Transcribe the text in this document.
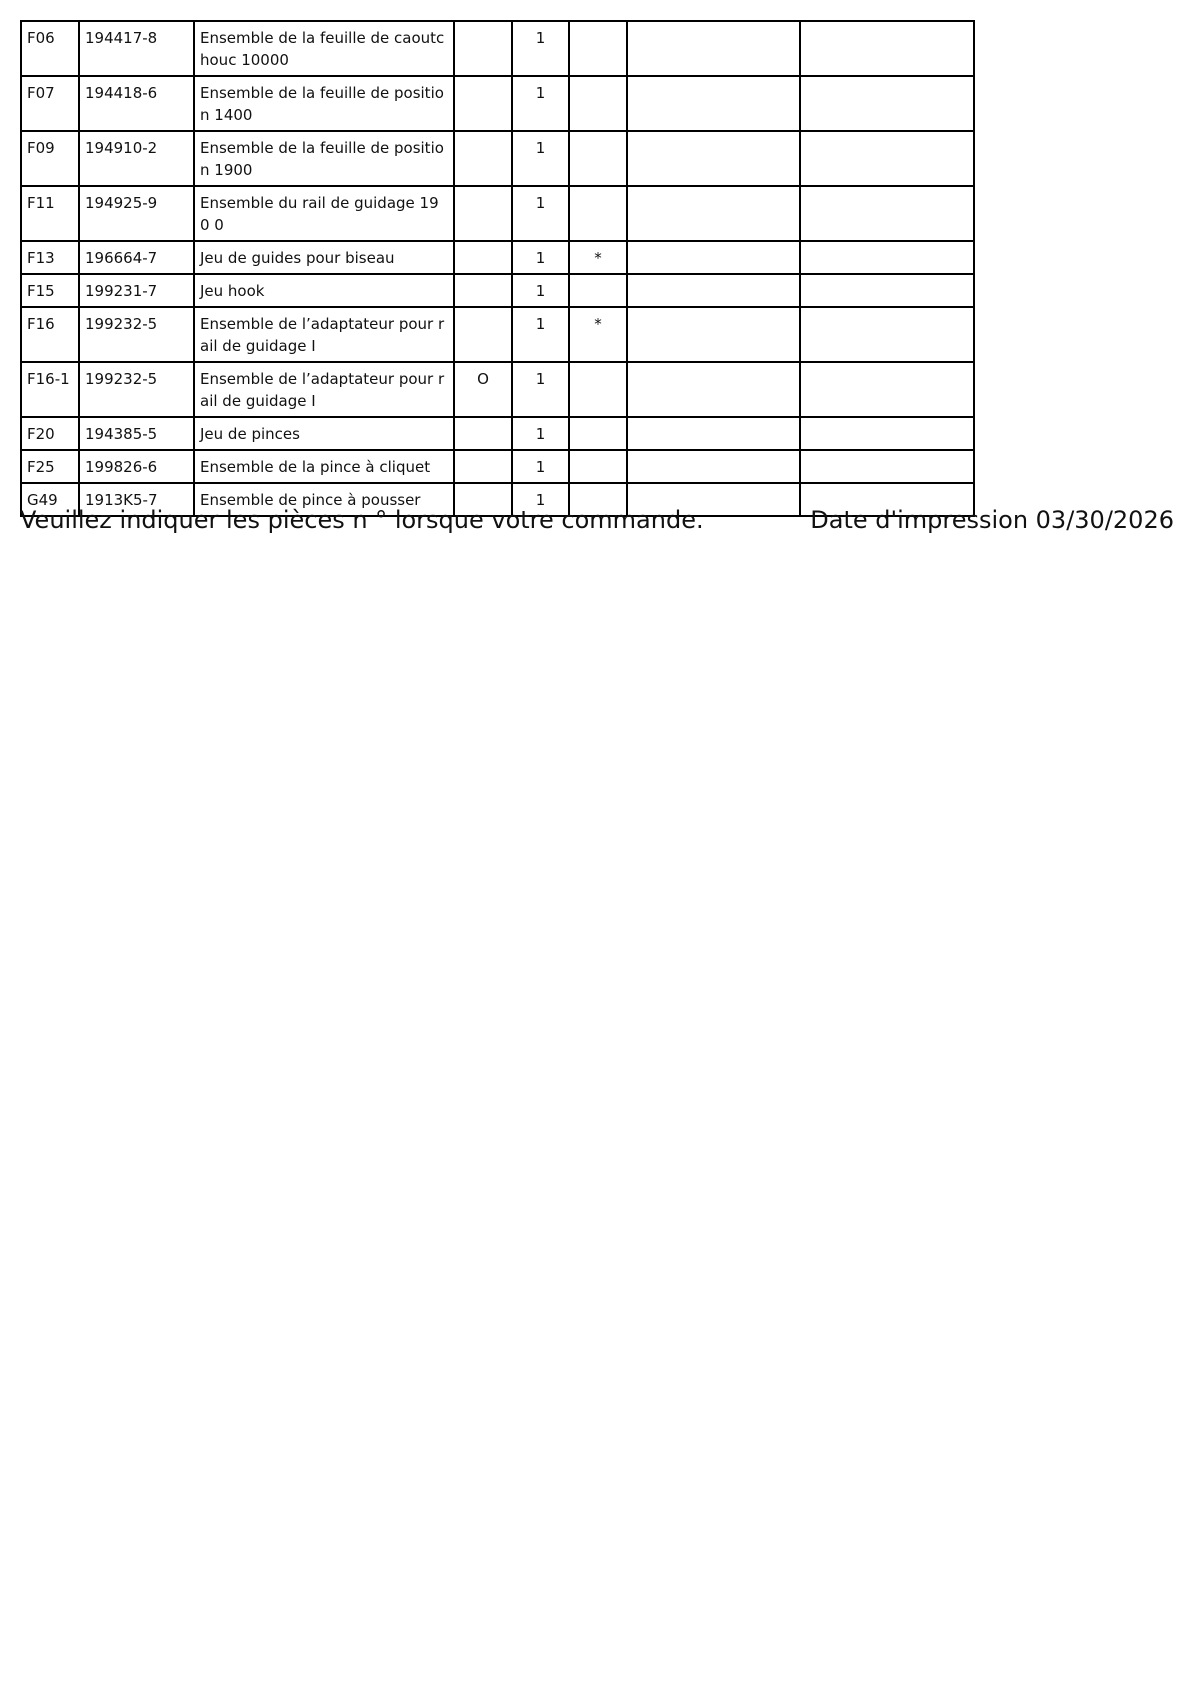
F06	194417-8	Ensemble de la feuille de caoutc houc 10000		1			
F07	194418-6	Ensemble de la feuille de positio n 1400		1			
F09	194910-2	Ensemble de la feuille de positio n 1900		1			
F11	194925-9	Ensemble du rail de guidage 190 0		1			
F13	196664-7	Jeu de guides pour biseau		1	*		
F15	199231-7	Jeu hook		1			
F16	199232-5	Ensemble de l’adaptateur pour r ail de guidage I		1	*		
F16-1	199232-5	Ensemble de l’adaptateur pour r ail de guidage I	O	1			
F20	194385-5	Jeu de pinces		1			
F25	199826-6	Ensemble de la pince à cliquet		1			
G49	1913K5-7	Ensemble de pince à pousser		1			
Veuillez indiquer les pièces n ° lorsque votre commande.	Date d'impression 03/30/2026
